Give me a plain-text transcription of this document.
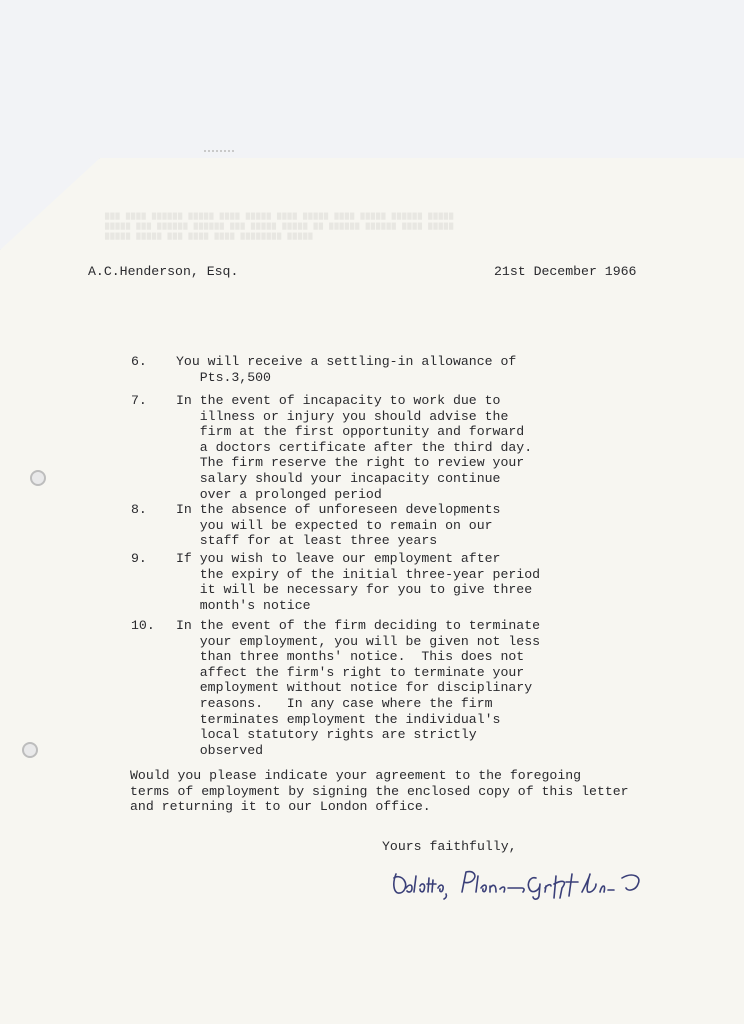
▇▇▇ ▇▇▇▇ ▇▇▇▇▇▇ ▇▇▇▇▇ ▇▇▇▇ ▇▇▇▇▇ ▇▇▇▇ ▇▇▇▇▇ ▇▇▇▇ ▇▇▇▇▇ ▇▇▇▇▇▇ ▇▇▇▇▇
▇▇▇▇▇ ▇▇▇ ▇▇▇▇▇▇ ▇▇▇▇▇▇ ▇▇▇ ▇▇▇▇▇ ▇▇▇▇▇ ▇▇ ▇▇▇▇▇▇ ▇▇▇▇▇▇ ▇▇▇▇ ▇▇▇▇▇
▇▇▇▇▇ ▇▇▇▇▇ ▇▇▇ ▇▇▇▇ ▇▇▇▇ ▇▇▇▇▇▇▇▇ ▇▇▇▇▇
A.C.Henderson, Esq.	21st December 1966
6. You will receive a settling-in allowance of
Pts.3,500
7. In the event of incapacity to work due to
illness or injury you should advise the
firm at the first opportunity and forward
a doctors certificate after the third day.
The firm reserve the right to review your
salary should your incapacity continue
over a prolonged period
8. In the absence of unforeseen developments
you will be expected to remain on our
staff for at least three years
9. If you wish to leave our employment after
the expiry of the initial three-year period
it will be necessary for you to give three
month's notice
10. In the event of the firm deciding to terminate
your employment, you will be given not less
than three months' notice.  This does not
affect the firm's right to terminate your
employment without notice for disciplinary
reasons.   In any case where the firm
terminates employment the individual's
local statutory rights are strictly
observed
Would you please indicate your agreement to the foregoing
terms of employment by signing the enclosed copy of this letter
and returning it to our London office.
Yours faithfully,
